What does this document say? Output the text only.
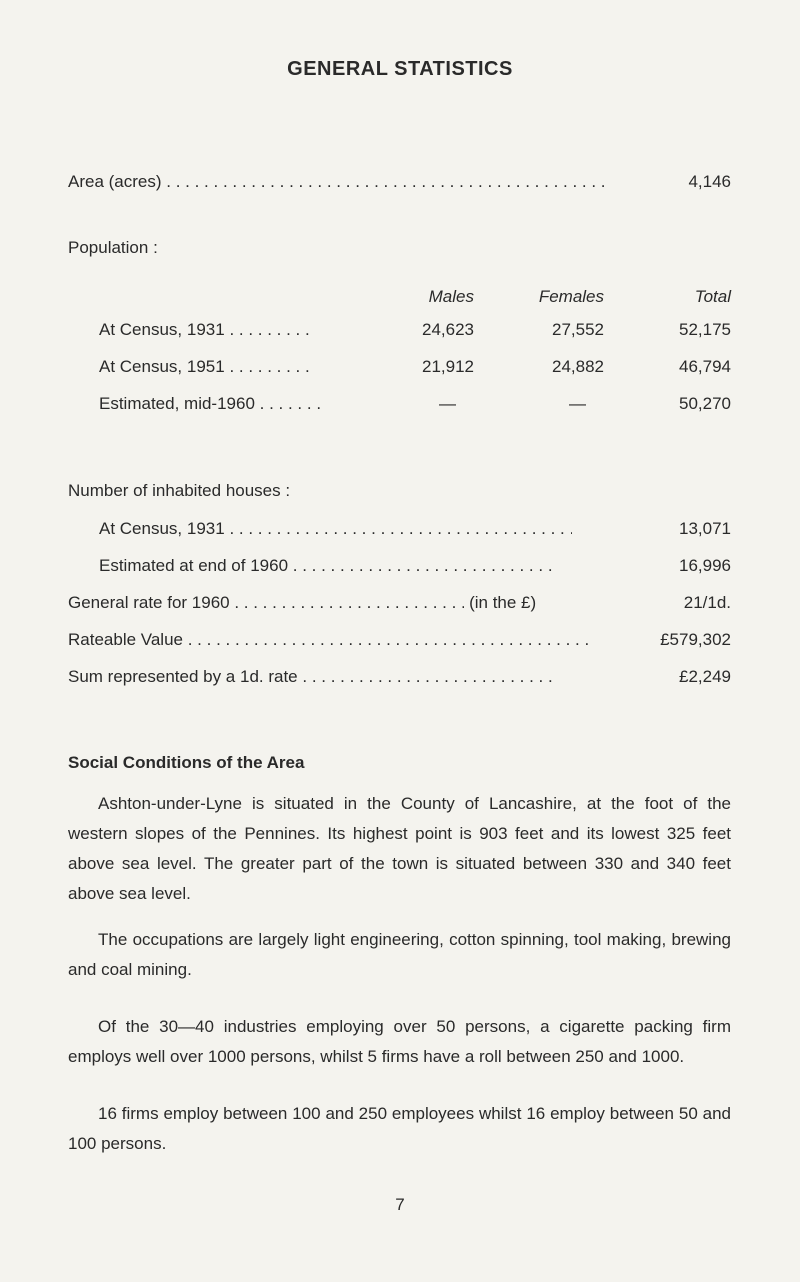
GENERAL STATISTICS
Area (acres) . . .	4,146
Population :
Males	Females	Total
At Census, 1931 . . .	24,623	27,552	52,175
At Census, 1951 . . .	21,912	24,882	46,794
Estimated, mid-1960 . . .	—	—	50,270
Number of inhabited houses :
At Census, 1931 . . .	13,071
Estimated at end of 1960 . . .	16,996
General rate for 1960 . . .	(in the £)	21/1d.
Rateable Value . . .	£579,302
Sum represented by a 1d. rate . . .	£2,249
Social Conditions of the Area

Ashton-under-Lyne is situated in the County of Lancashire, at the foot of the western slopes of the Pennines. Its highest point is 903 feet and its lowest 325 feet above sea level. The greater part of the town is situated between 330 and 340 feet above sea level.

The occupations are largely light engineering, cotton spinning, tool making, brewing and coal mining.

Of the 30—40 industries employing over 50 persons, a cigarette packing firm employs well over 1000 persons, whilst 5 firms have a roll between 250 and 1000.

16 firms employ between 100 and 250 employees whilst 16 employ between 50 and 100 persons.

7
